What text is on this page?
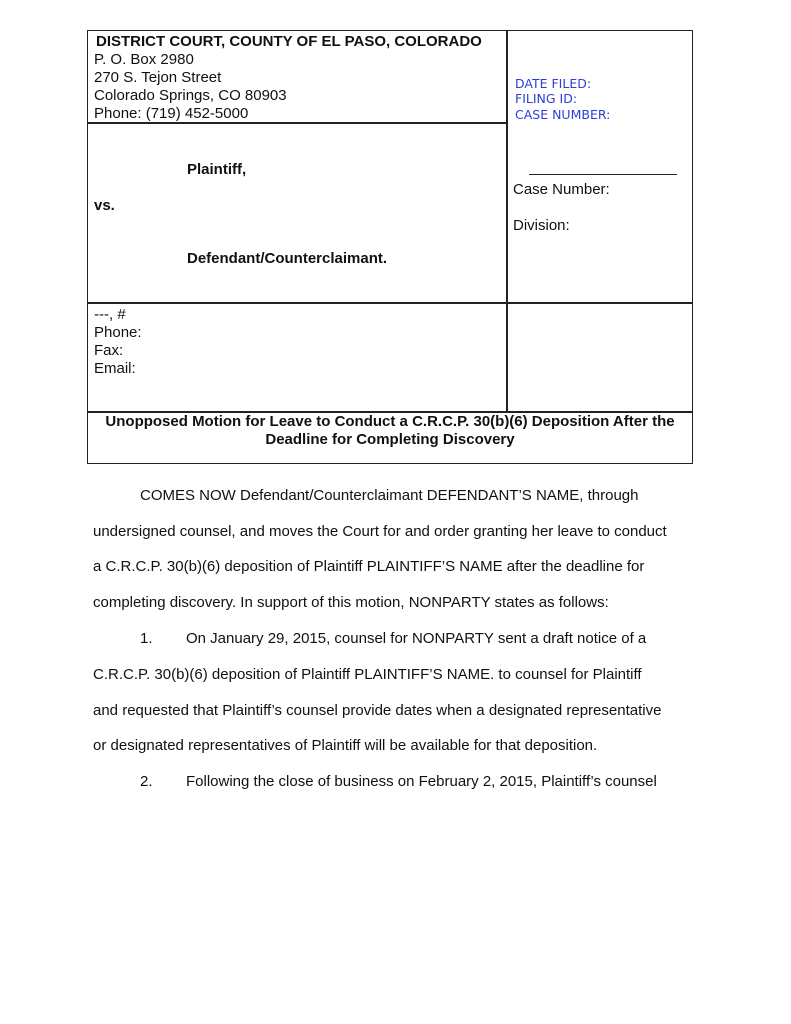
DISTRICT COURT, COUNTY OF EL PASO, COLORADO
P. O. Box 2980
270 S. Tejon Street
Colorado Springs, CO 80903
Phone: (719) 452-5000
DATE FILED:
FILING ID:
CASE NUMBER:
Plaintiff,
vs.
Defendant/Counterclaimant.
Case Number:
Division:
---, #
Phone:
Fax:
Email:
Unopposed Motion for Leave to Conduct a C.R.C.P. 30(b)(6) Deposition After the
Deadline for Completing Discovery
COMES NOW Defendant/Counterclaimant DEFENDANT’S NAME, through
undersigned counsel, and moves the Court for and order granting her leave to conduct
a C.R.C.P. 30(b)(6) deposition of Plaintiff PLAINTIFF’S NAME after the deadline for
completing discovery. In support of this motion, NONPARTY states as follows:
1. On January 29, 2015, counsel for NONPARTY sent a draft notice of a
C.R.C.P. 30(b)(6) deposition of Plaintiff PLAINTIFF’S NAME. to counsel for Plaintiff
and requested that Plaintiff’s counsel provide dates when a designated representative
or designated representatives of Plaintiff will be available for that deposition.
2. Following the close of business on February 2, 2015, Plaintiff’s counsel
